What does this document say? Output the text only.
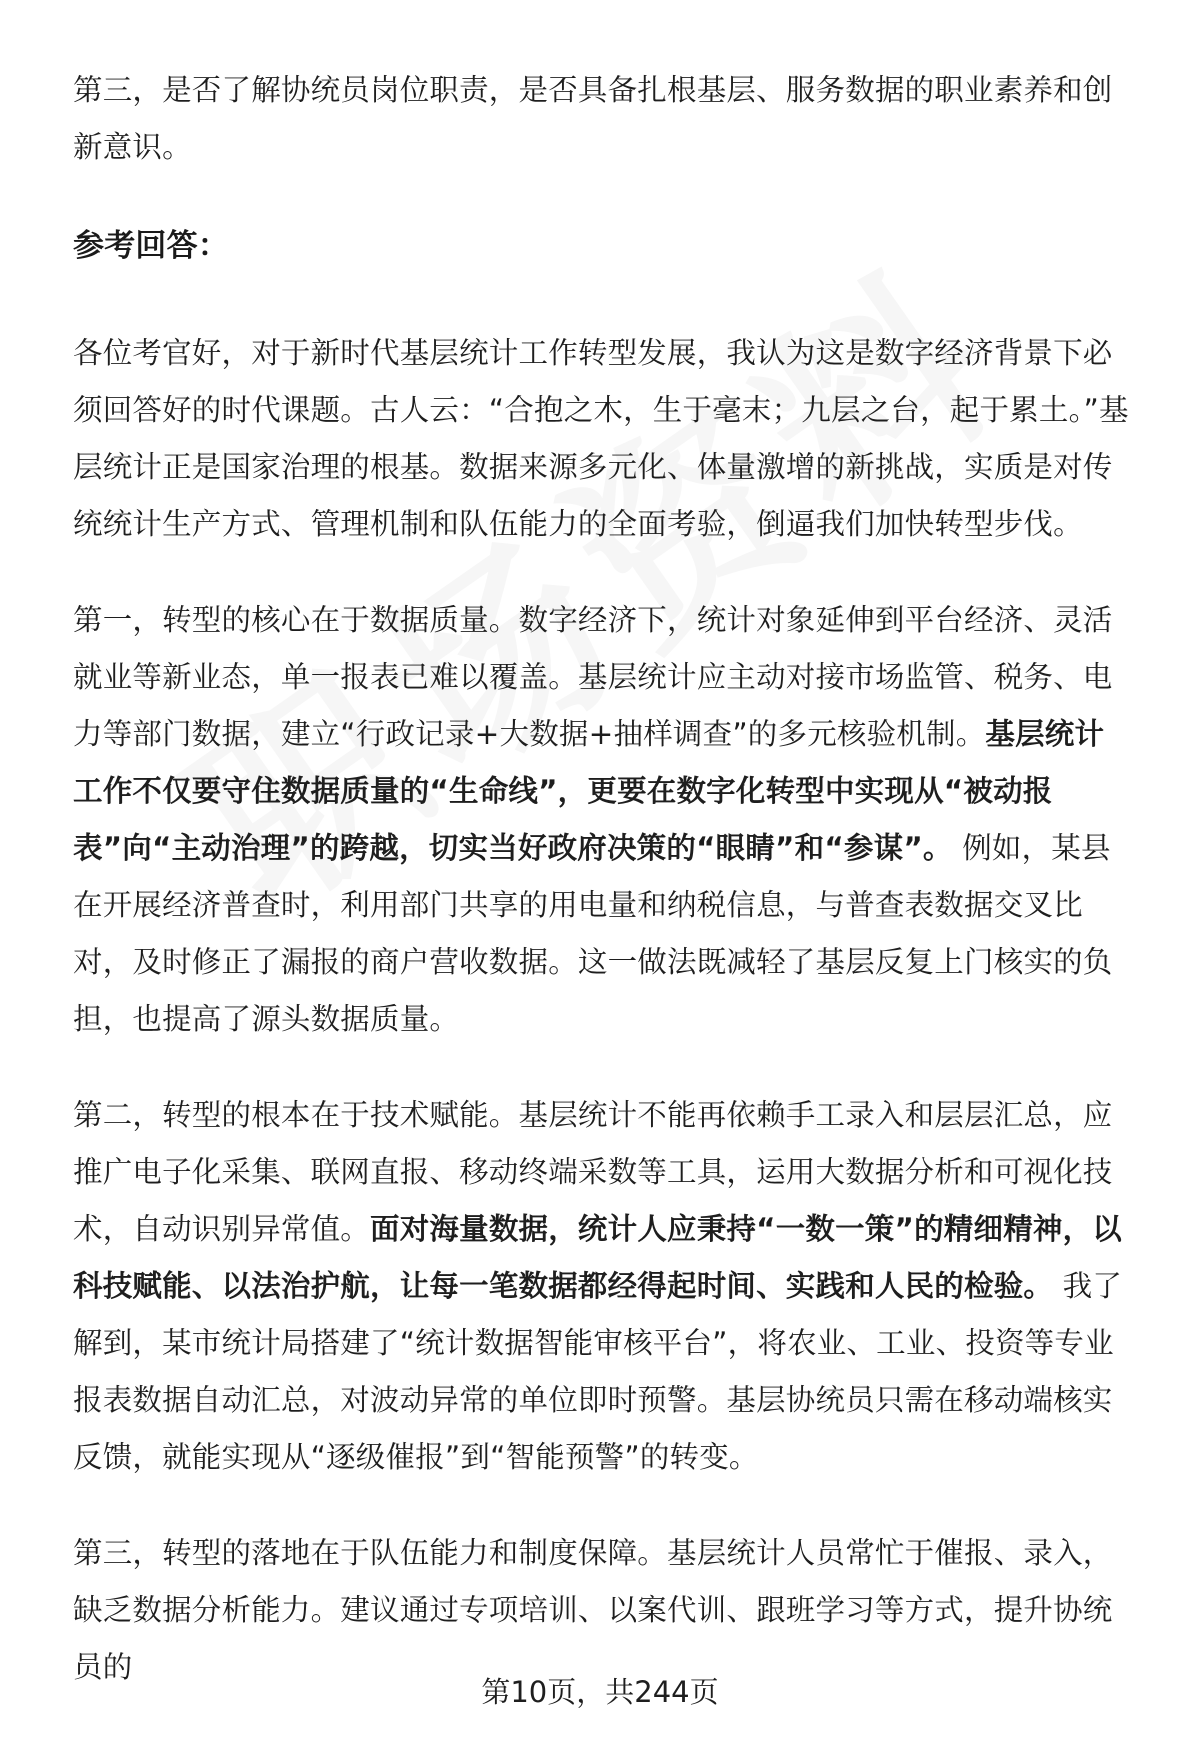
第三，是否了解协统员岗位职责，是否具备扎根基层、服务数据的职业素养和创新意识。

参考回答：

各位考官好，对于新时代基层统计工作转型发展，我认为这是数字经济背景下必须回答好的时代课题。古人云：“合抱之木，生于毫末；九层之台，起于累土。”基层统计正是国家治理的根基。数据来源多元化、体量激增的新挑战，实质是对传统统计生产方式、管理机制和队伍能力的全面考验，倒逼我们加快转型步伐。

第一，转型的核心在于数据质量。数字经济下，统计对象延伸到平台经济、灵活就业等新业态，单一报表已难以覆盖。基层统计应主动对接市场监管、税务、电力等部门数据，建立“行政记录+大数据+抽样调查”的多元核验机制。基层统计工作不仅要守住数据质量的“生命线”，更要在数字化转型中实现从“被动报表”向“主动治理”的跨越，切实当好政府决策的“眼睛”和“参谋”。 例如，某县在开展经济普查时，利用部门共享的用电量和纳税信息，与普查表数据交叉比对，及时修正了漏报的商户营收数据。这一做法既减轻了基层反复上门核实的负担，也提高了源头数据质量。

第二，转型的根本在于技术赋能。基层统计不能再依赖手工录入和层层汇总，应推广电子化采集、联网直报、移动终端采数等工具，运用大数据分析和可视化技术，自动识别异常值。面对海量数据，统计人应秉持“一数一策”的精细精神，以科技赋能、以法治护航，让每一笔数据都经得起时间、实践和人民的检验。 我了解到，某市统计局搭建了“统计数据智能审核平台”，将农业、工业、投资等专业报表数据自动汇总，对波动异常的单位即时预警。基层协统员只需在移动端核实反馈，就能实现从“逐级催报”到“智能预警”的转变。

第三，转型的落地在于队伍能力和制度保障。基层统计人员常忙于催报、录入，缺乏数据分析能力。建议通过专项培训、以案代训、跟班学习等方式，提升协统员的

第10页，共244页
